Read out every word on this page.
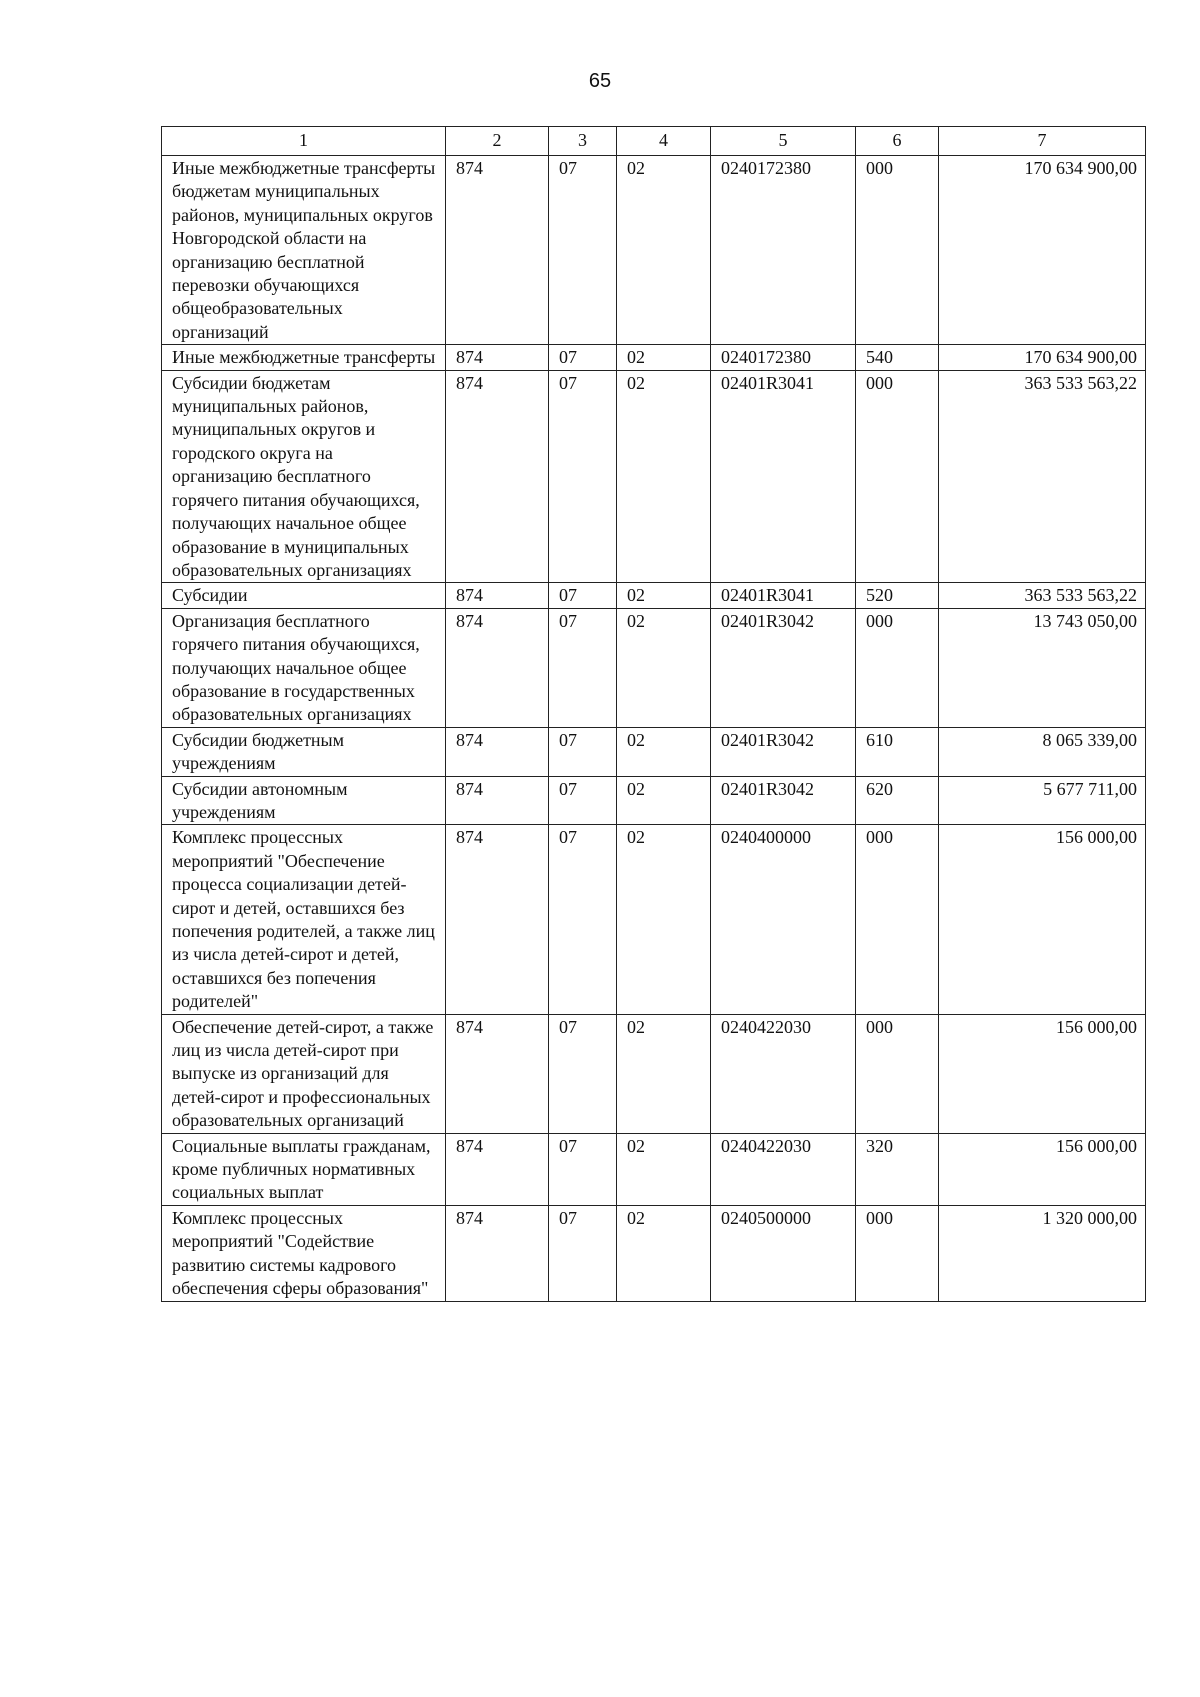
65
1	2	3	4	5	6	7
Иные межбюджетные трансферты бюджетам муниципальных районов, муниципальных округов Новгородской области на организацию бесплатной перевозки обучающихся общеобразовательных организаций	874	07	02	0240172380	000	170 634 900,00
Иные межбюджетные трансферты	874	07	02	0240172380	540	170 634 900,00
Субсидии бюджетам муниципальных районов, муниципальных округов и городского округа на организацию бесплатного горячего питания обучающихся, получающих начальное общее образование в муниципальных образовательных организациях	874	07	02	02401R3041	000	363 533 563,22
Субсидии	874	07	02	02401R3041	520	363 533 563,22
Организация бесплатного горячего питания обучающихся, получающих начальное общее образование в государственных образовательных организациях	874	07	02	02401R3042	000	13 743 050,00
Субсидии бюджетным учреждениям	874	07	02	02401R3042	610	8 065 339,00
Субсидии автономным учреждениям	874	07	02	02401R3042	620	5 677 711,00
Комплекс процессных мероприятий "Обеспечение процесса социализации детей-сирот и детей, оставшихся без попечения родителей, а также лиц из числа детей-сирот и детей, оставшихся без попечения родителей"	874	07	02	0240400000	000	156 000,00
Обеспечение детей-сирот, а также лиц из числа детей-сирот при выпуске из организаций для детей-сирот и профессиональных образовательных организаций	874	07	02	0240422030	000	156 000,00
Социальные выплаты гражданам, кроме публичных нормативных социальных выплат	874	07	02	0240422030	320	156 000,00
Комплекс процессных мероприятий "Содействие развитию системы кадрового обеспечения сферы образования"	874	07	02	0240500000	000	1 320 000,00
